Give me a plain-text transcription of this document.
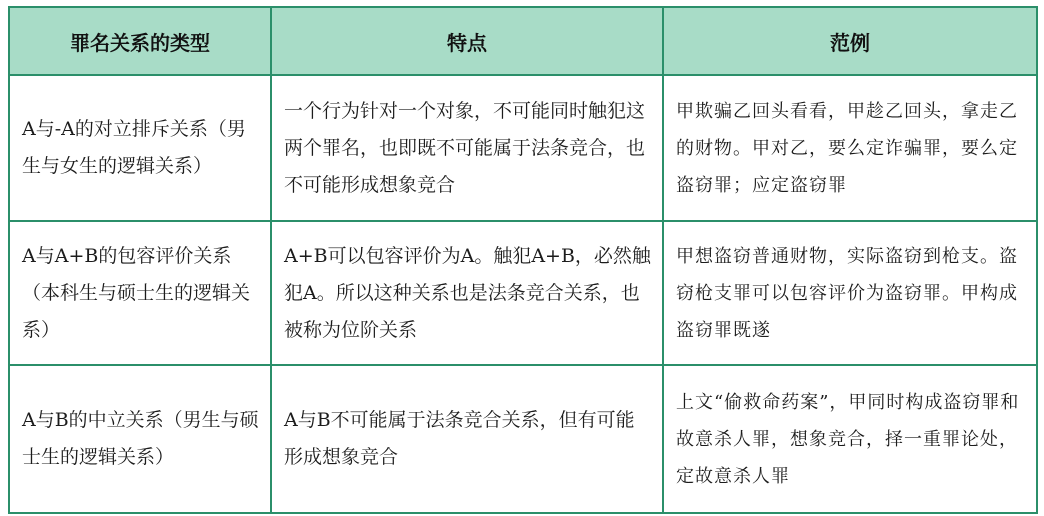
罪名关系的类型	特点	范例
A与-A的对立排斥关系（男生与女生的逻辑关系）	一个行为针对一个对象，不可能同时触犯这两个罪名，也即既不可能属于法条竞合，也不可能形成想象竞合	甲欺骗乙回头看看，甲趁乙回头，拿走乙的财物。甲对乙，要么定诈骗罪，要么定盗窃罪；应定盗窃罪
A与A+B的包容评价关系（本科生与硕士生的逻辑关系）	A+B可以包容评价为A。触犯A+B，必然触犯A。所以这种关系也是法条竞合关系，也被称为位阶关系	甲想盗窃普通财物，实际盗窃到枪支。盗窃枪支罪可以包容评价为盗窃罪。甲构成盗窃罪既遂
A与B的中立关系（男生与硕士生的逻辑关系）	A与B不可能属于法条竞合关系，但有可能形成想象竞合	上文“偷救命药案”，甲同时构成盗窃罪和故意杀人罪，想象竞合，择一重罪论处，定故意杀人罪
